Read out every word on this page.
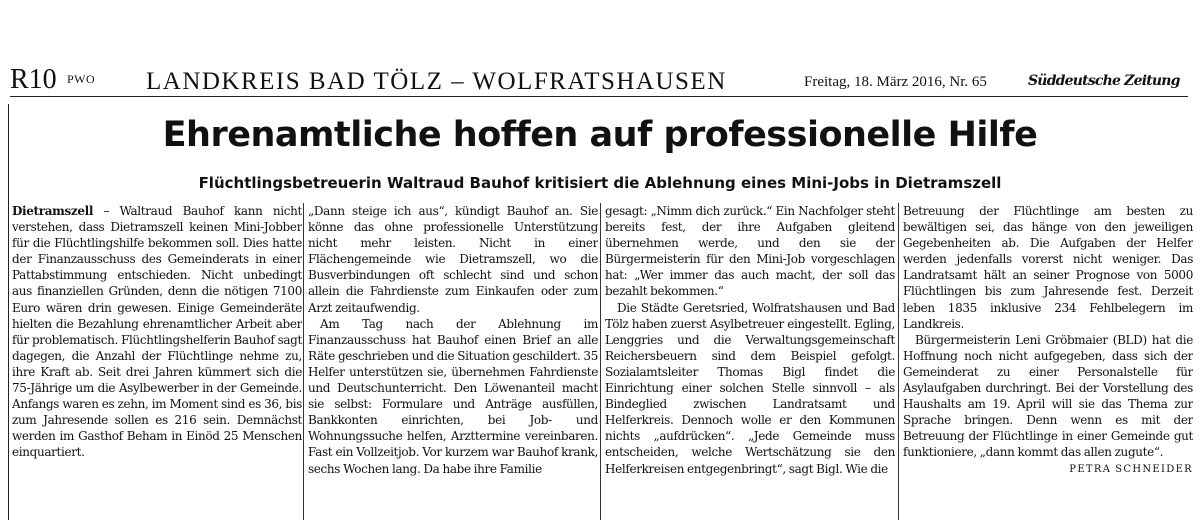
R10 PWO LANDKREIS BAD TÖLZ – WOLFRATSHAUSEN	Freitag, 18. März 2016, Nr. 65	Süddeutsche Zeitung
Ehrenamtliche hoffen auf professionelle Hilfe
Flüchtlingsbetreuerin Waltraud Bauhof kritisiert die Ablehnung eines Mini-Jobs in Dietramszell

Dietramszell – Waltraud Bauhof kann nicht verstehen, dass Dietramszell keinen Mini-Jobber für die Flüchtlingshilfe bekommen soll. Dies hatte der Finanzausschuss des Gemeinderats in einer Pattabstimmung entschieden. Nicht unbedingt aus finanziellen Gründen, denn die nötigen 7100 Euro wären drin gewesen. Einige Gemeinderäte hielten die Bezahlung ehrenamtlicher Arbeit aber für problematisch. Flüchtlingshelferin Bauhof sagt dagegen, die Anzahl der Flüchtlinge nehme zu, ihre Kraft ab. Seit drei Jahren kümmert sich die 75-Jährige um die Asylbewerber in der Gemeinde. Anfangs waren es zehn, im Moment sind es 36, bis zum Jahresende sollen es 216 sein. Demnächst werden im Gasthof Beham in Einöd 25 Menschen einquartiert.

„Dann steige ich aus“, kündigt Bauhof an. Sie könne das ohne professionelle Unterstützung nicht mehr leisten. Nicht in einer Flächengemeinde wie Dietramszell, wo die Busverbindungen oft schlecht sind und schon allein die Fahrdienste zum Einkaufen oder zum Arzt zeitaufwendig.

Am Tag nach der Ablehnung im Finanzausschuss hat Bauhof einen Brief an alle Räte geschrieben und die Situation geschildert. 35 Helfer unterstützen sie, übernehmen Fahrdienste und Deutschunterricht. Den Löwenanteil macht sie selbst: Formulare und Anträge ausfüllen, Bankkonten einrichten, bei Job- und Wohnungssuche helfen, Arzttermine vereinbaren. Fast ein Vollzeitjob. Vor kurzem war Bauhof krank, sechs Wochen lang. Da habe ihre Familie

gesagt: „Nimm dich zurück.“ Ein Nachfolger steht bereits fest, der ihre Aufgaben gleitend übernehmen werde, und den sie der Bürgermeisterin für den Mini-Job vorgeschlagen hat: „Wer immer das auch macht, der soll das bezahlt bekommen.“

Die Städte Geretsried, Wolfratshausen und Bad Tölz haben zuerst Asylbetreuer eingestellt. Egling, Lenggries und die Verwaltungsgemeinschaft Reichersbeuern sind dem Beispiel gefolgt. Sozialamtsleiter Thomas Bigl findet die Einrichtung einer solchen Stelle sinnvoll – als Bindeglied zwischen Landratsamt und Helferkreis. Dennoch wolle er den Kommunen nichts „aufdrücken“. „Jede Gemeinde muss entscheiden, welche Wertschätzung sie den Helferkreisen entgegenbringt“, sagt Bigl. Wie die

Betreuung der Flüchtlinge am besten zu bewältigen sei, das hänge von den jeweiligen Gegebenheiten ab. Die Aufgaben der Helfer werden jedenfalls vorerst nicht weniger. Das Landratsamt hält an seiner Prognose von 5000 Flüchtlingen bis zum Jahresende fest. Derzeit leben 1835 inklusive 234 Fehlbelegern im Landkreis.

Bürgermeisterin Leni Gröbmaier (BLD) hat die Hoffnung noch nicht aufgegeben, dass sich der Gemeinderat zu einer Personalstelle für Asylaufgaben durchringt. Bei der Vorstellung des Haushalts am 19. April will sie das Thema zur Sprache bringen. Denn wenn es mit der Betreuung der Flüchtlinge in einer Gemeinde gut funktioniere, „dann kommt das allen zugute“.

PETRA SCHNEIDER
